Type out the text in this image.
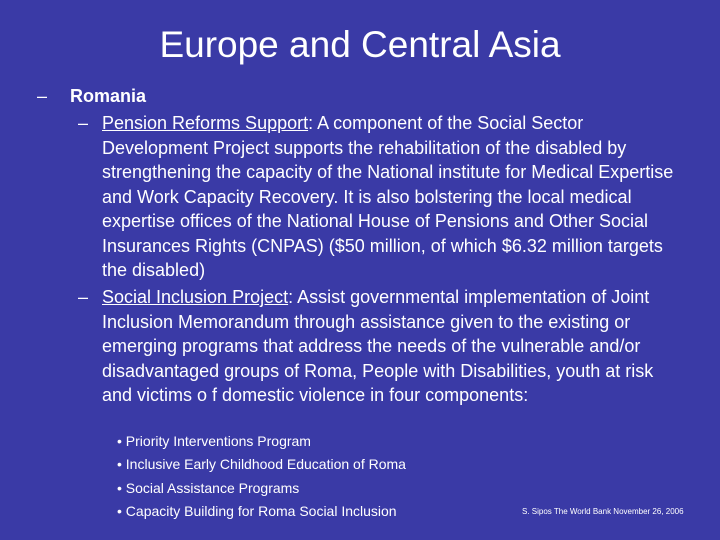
Europe and Central Asia
– Romania
– Pension Reforms Support: A component of the Social Sector Development Project supports the rehabilitation of the disabled by strengthening the capacity of the National institute for Medical Expertise and Work Capacity Recovery. It is also bolstering the local medical expertise offices of the National House of Pensions and Other Social Insurances Rights (CNPAS) ($50 million, of which $6.32 million targets the disabled)
– Social Inclusion Project: Assist governmental implementation of Joint Inclusion Memorandum through assistance given to the existing or emerging programs that address the needs of the vulnerable and/or disadvantaged groups of Roma, People with Disabilities, youth at risk and victims o f domestic violence in four components:
• Priority Interventions Program
• Inclusive Early Childhood Education of Roma
• Social Assistance Programs
• Capacity Building for Roma Social Inclusion	S. Sipos The World Bank November 26, 2006
